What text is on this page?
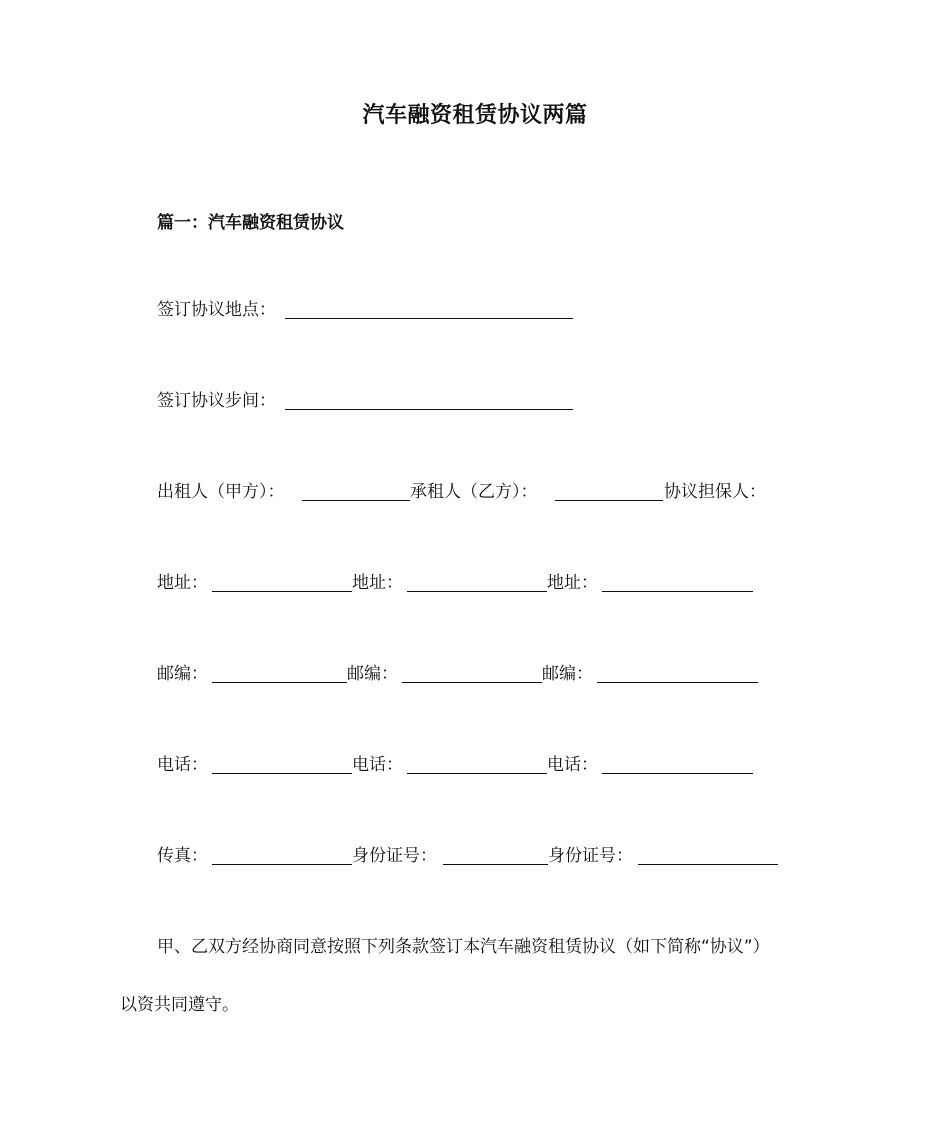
汽车融资租赁协议两篇
篇一：汽车融资租赁协议
签订协议地点：
签订协议步间：
出租人（甲方）：	承租人（乙方）：	协议担保人：
地址：	地址：	地址：
邮编：	邮编：	邮编：
电话：	电话：	电话：
传真：	身份证号：	身份证号：
甲、乙双方经协商同意按照下列条款签订本汽车融资租赁协议（如下简称“协议”）
以资共同遵守。
